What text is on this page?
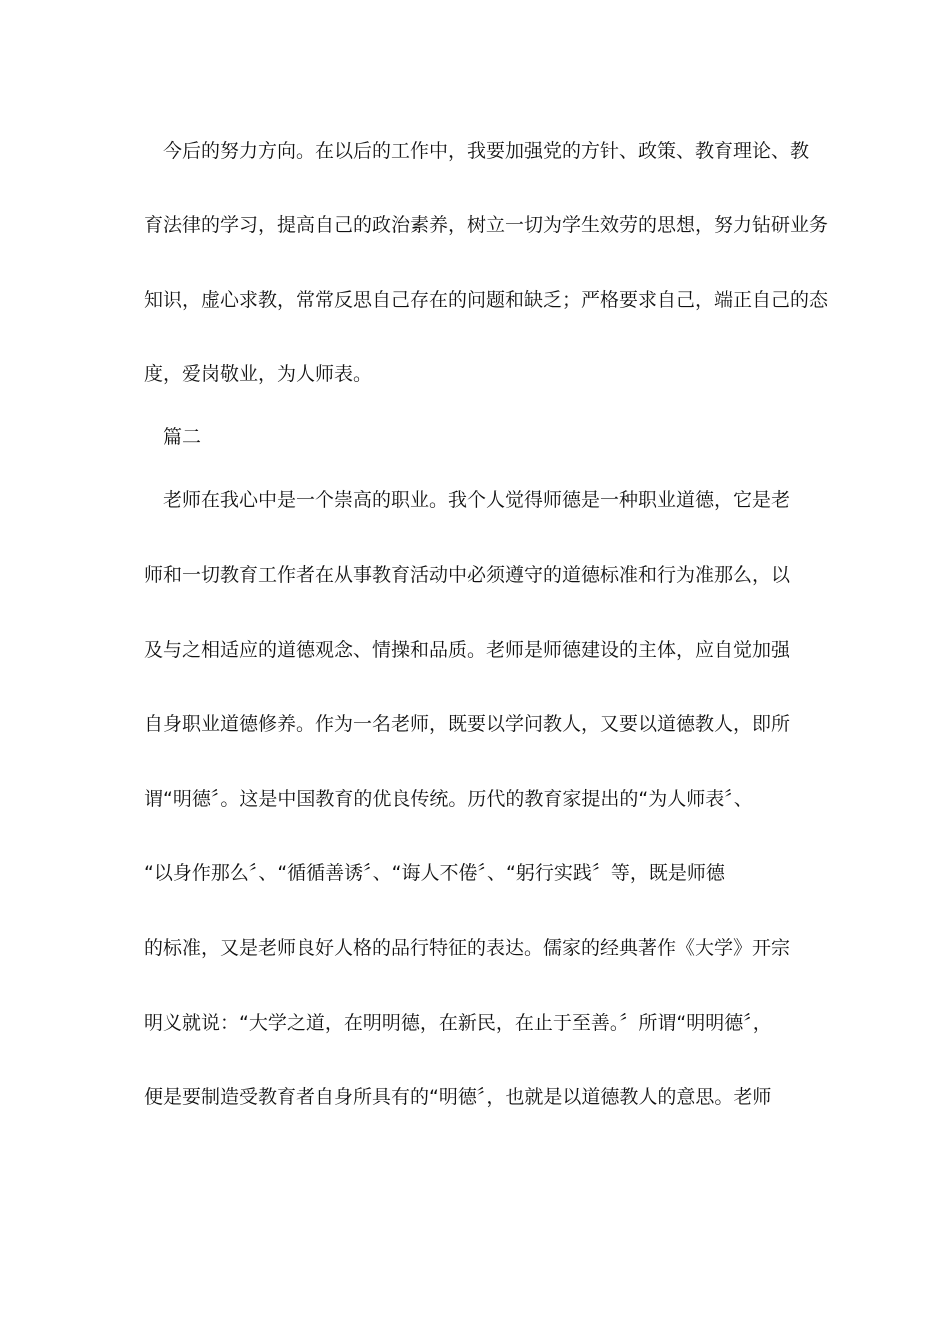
今后的努力方向。在以后的工作中，我要加强党的方针、政策、教育理论、教
育法律的学习，提高自己的政治素养，树立一切为学生效劳的思想，努力钻研业务
知识，虚心求教，常常反思自己存在的问题和缺乏；严格要求自己，端正自己的态
度，爱岗敬业，为人师表。
篇二
老师在我心中是一个崇高的职业。我个人觉得师德是一种职业道德，它是老
师和一切教育工作者在从事教育活动中必须遵守的道德标准和行为准那么，以
及与之相适应的道德观念、情操和品质。老师是师德建设的主体，应自觉加强
自身职业道德修养。作为一名老师，既要以学问教人，又要以道德教人，即所
谓“明德〞。这是中国教育的优良传统。历代的教育家提出的“为人师表〞、
“以身作那么〞、“循循善诱〞、“诲人不倦〞、“躬行实践〞等，既是师德
的标准，又是老师良好人格的品行特征的表达。儒家的经典著作《大学》开宗
明义就说：“大学之道，在明明德，在新民，在止于至善。〞所谓“明明德〞，
便是要制造受教育者自身所具有的“明德〞，也就是以道德教人的意思。老师
